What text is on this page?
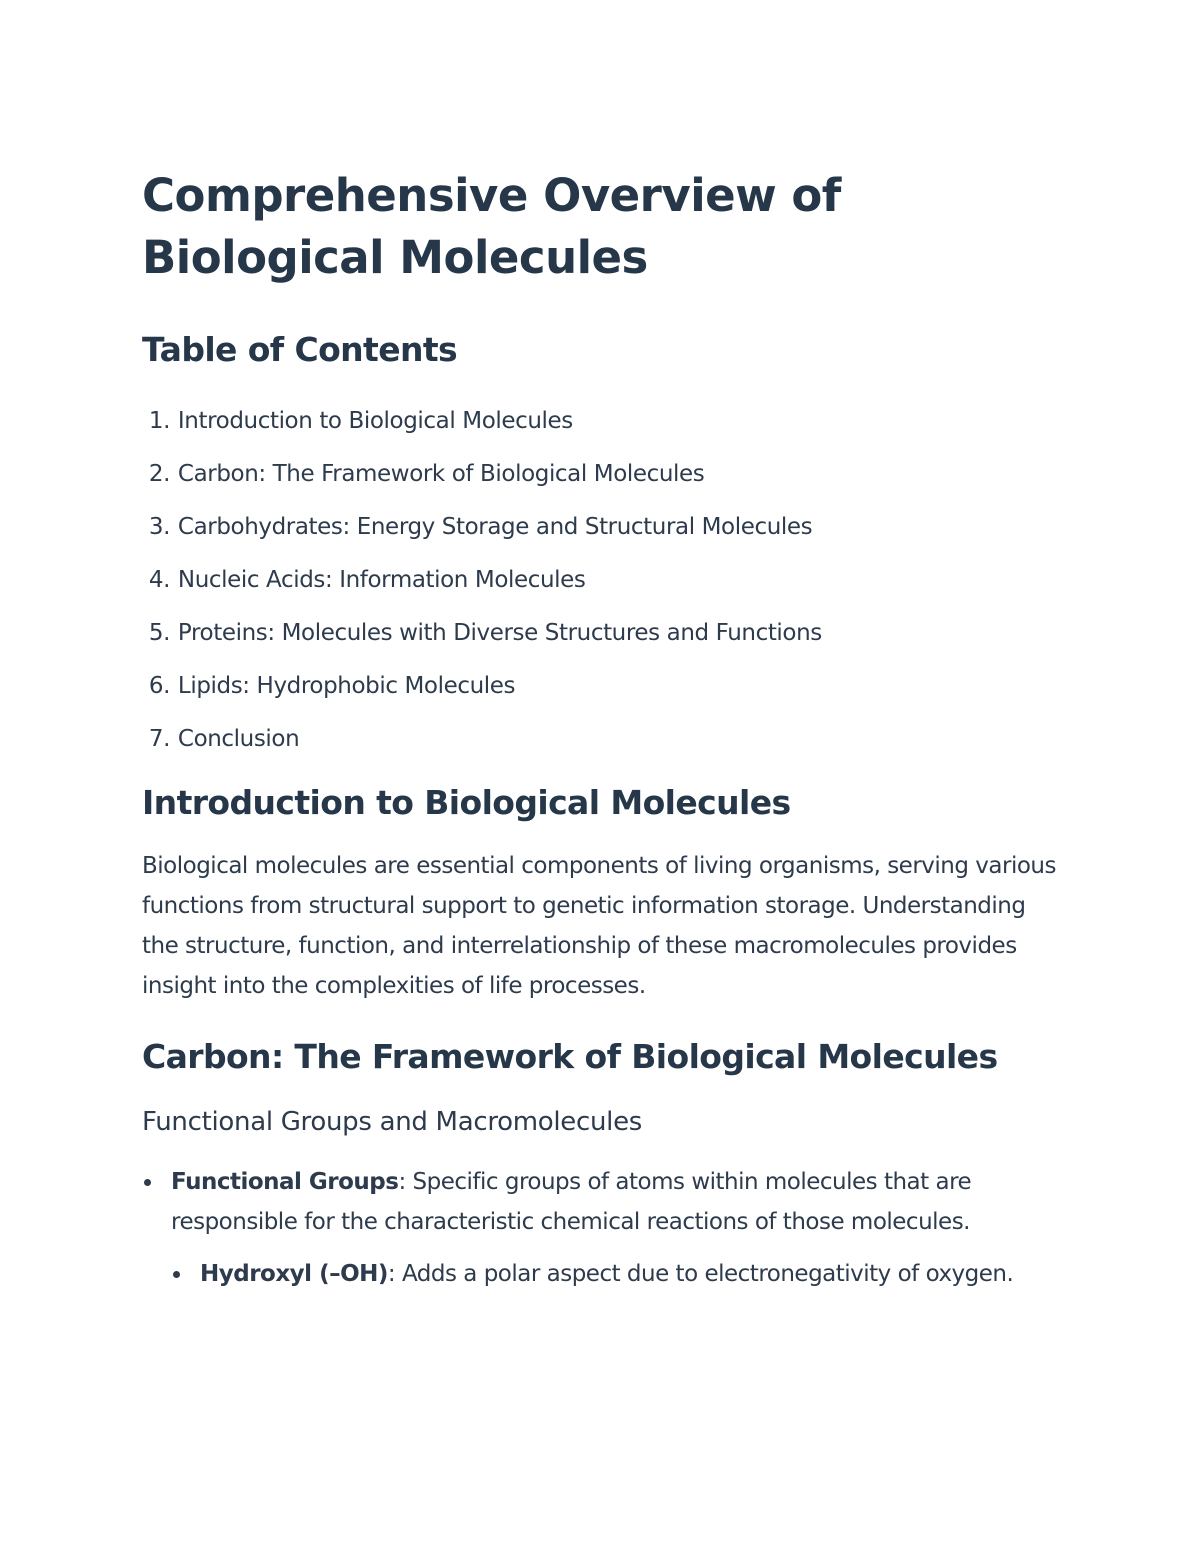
Comprehensive Overview of Biological Molecules
Table of Contents
1. Introduction to Biological Molecules
2. Carbon: The Framework of Biological Molecules
3. Carbohydrates: Energy Storage and Structural Molecules
4. Nucleic Acids: Information Molecules
5. Proteins: Molecules with Diverse Structures and Functions
6. Lipids: Hydrophobic Molecules
7. Conclusion
Introduction to Biological Molecules

Biological molecules are essential components of living organisms, serving various functions from structural support to genetic information storage. Understanding the structure, function, and interrelationship of these macromolecules provides insight into the complexities of life processes.

Carbon: The Framework of Biological Molecules
Functional Groups and Macromolecules
Functional Groups: Specific groups of atoms within molecules that are responsible for the characteristic chemical reactions of those molecules.
Hydroxyl (–OH): Adds a polar aspect due to electronegativity of oxygen.
